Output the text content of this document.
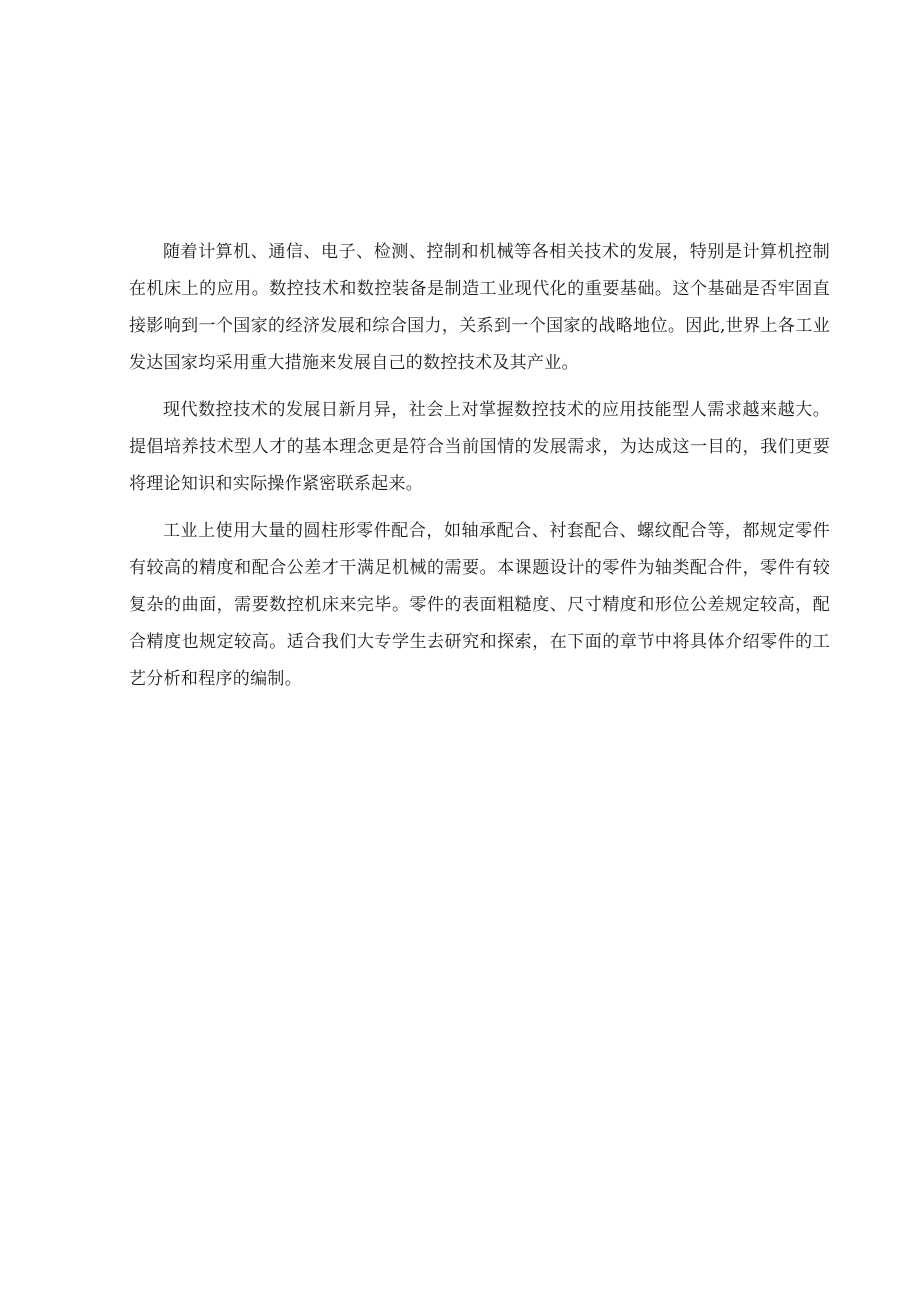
随着计算机、通信、电子、检测、控制和机械等各相关技术的发展，特别是计算机控制在机床上的应用。数控技术和数控装备是制造工业现代化的重要基础。这个基础是否牢固直接影响到一个国家的经济发展和综合国力，关系到一个国家的战略地位。因此,世界上各工业发达国家均采用重大措施来发展自己的数控技术及其产业。

现代数控技术的发展日新月异，社会上对掌握数控技术的应用技能型人需求越来越大。提倡培养技术型人才的基本理念更是符合当前国情的发展需求，为达成这一目的，我们更要将理论知识和实际操作紧密联系起来。

工业上使用大量的圆柱形零件配合，如轴承配合、衬套配合、螺纹配合等，都规定零件有较高的精度和配合公差才干满足机械的需要。本课题设计的零件为轴类配合件，零件有较复杂的曲面，需要数控机床来完毕。零件的表面粗糙度、尺寸精度和形位公差规定较高，配合精度也规定较高。适合我们大专学生去研究和探索，在下面的章节中将具体介绍零件的工艺分析和程序的编制。
